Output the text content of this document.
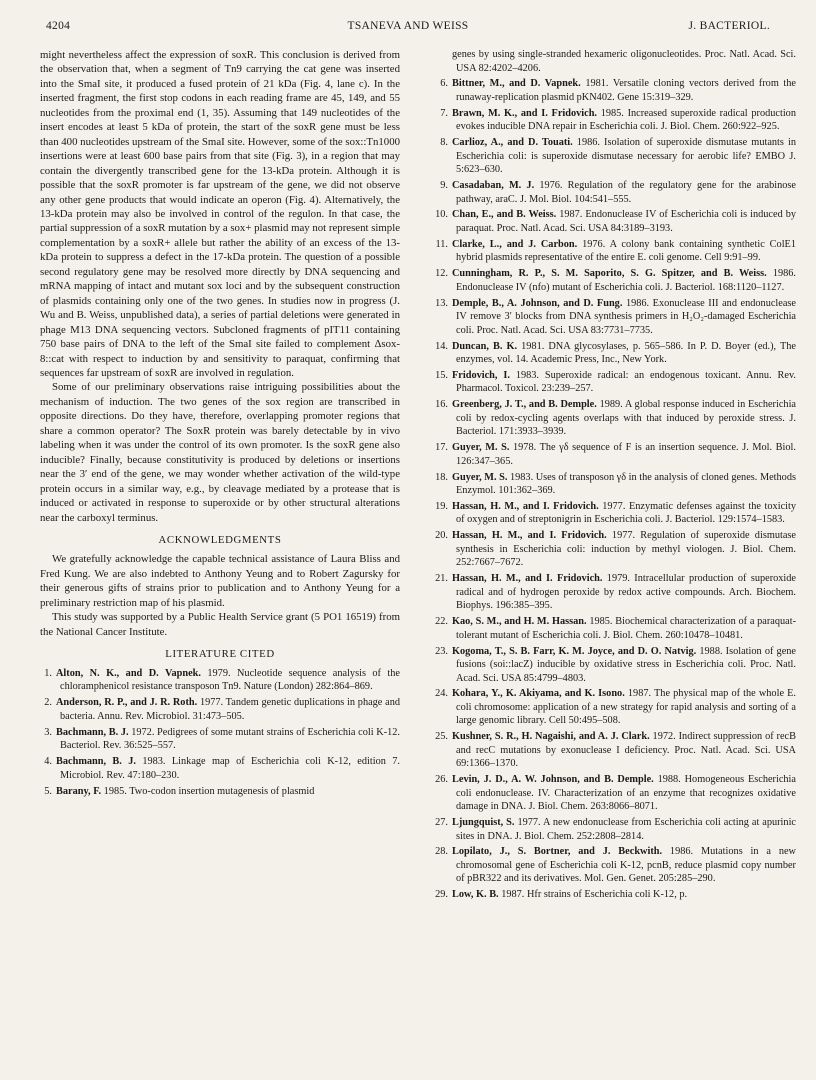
4204	TSANEVA AND WEISS	J. BACTERIOL.

might nevertheless affect the expression of soxR. This conclusion is derived from the observation that, when a segment of Tn9 carrying the cat gene was inserted into the SmaI site, it produced a fused protein of 21 kDa (Fig. 4, lane c). In the inserted fragment, the first stop codons in each reading frame are 45, 149, and 55 nucleotides from the proximal end (1, 35). Assuming that 149 nucleotides of the insert encodes at least 5 kDa of protein, the start of the soxR gene must be less than 400 nucleotides upstream of the SmaI site. However, some of the sox::Tn1000 insertions were at least 600 base pairs from that site (Fig. 3), in a region that may contain the divergently transcribed gene for the 13-kDa protein. Although it is possible that the soxR promoter is far upstream of the gene, we did not observe any other gene products that would indicate an operon (Fig. 4). Alternatively, the 13-kDa protein may also be involved in control of the regulon. In that case, the partial suppression of a soxR mutation by a sox+ plasmid may not represent simple complementation by a soxR+ allele but rather the ability of an excess of the 13-kDa protein to suppress a defect in the 17-kDa protein. The question of a possible second regulatory gene may be resolved more directly by DNA sequencing and mRNA mapping of intact and mutant sox loci and by the subsequent construction of plasmids containing only one of the two genes. In studies now in progress (J. Wu and B. Weiss, unpublished data), a series of partial deletions were generated in phage M13 DNA sequencing vectors. Subcloned fragments of pIT11 containing 750 base pairs of DNA to the left of the SmaI site failed to complement Δsox-8::cat with respect to induction by and sensitivity to paraquat, confirming that sequences far upstream of soxR are involved in regulation.

Some of our preliminary observations raise intriguing possibilities about the mechanism of induction. The two genes of the sox region are transcribed in opposite directions. Do they have, therefore, overlapping promoter regions that share a common operator? The SoxR protein was barely detectable by in vivo labeling when it was under the control of its own promoter. Is the soxR gene also inducible? Finally, because constitutivity is produced by deletions or insertions near the 3′ end of the gene, we may wonder whether activation of the wild-type protein occurs in a similar way, e.g., by cleavage mediated by a protease that is induced or activated in response to superoxide or by other structural alterations near the carboxyl terminus.

ACKNOWLEDGMENTS

We gratefully acknowledge the capable technical assistance of Laura Bliss and Fred Kung. We are also indebted to Anthony Yeung and to Robert Zagursky for their generous gifts of strains prior to publication and to Anthony Yeung for a preliminary restriction map of his plasmid.

This study was supported by a Public Health Service grant (5 PO1 16519) from the National Cancer Institute.

LITERATURE CITED
1. Alton, N. K., and D. Vapnek. 1979. Nucleotide sequence analysis of the chloramphenicol resistance transposon Tn9. Nature (London) 282:864–869.
2. Anderson, R. P., and J. R. Roth. 1977. Tandem genetic duplications in phage and bacteria. Annu. Rev. Microbiol. 31:473–505.
3. Bachmann, B. J. 1972. Pedigrees of some mutant strains of Escherichia coli K-12. Bacteriol. Rev. 36:525–557.
4. Bachmann, B. J. 1983. Linkage map of Escherichia coli K-12, edition 7. Microbiol. Rev. 47:180–230.
5. Barany, F. 1985. Two-codon insertion mutagenesis of plasmid
genes by using single-stranded hexameric oligonucleotides. Proc. Natl. Acad. Sci. USA 82:4202–4206.
6. Bittner, M., and D. Vapnek. 1981. Versatile cloning vectors derived from the runaway-replication plasmid pKN402. Gene 15:319–329.
7. Brawn, M. K., and I. Fridovich. 1985. Increased superoxide radical production evokes inducible DNA repair in Escherichia coli. J. Biol. Chem. 260:922–925.
8. Carlioz, A., and D. Touati. 1986. Isolation of superoxide dismutase mutants in Escherichia coli: is superoxide dismutase necessary for aerobic life? EMBO J. 5:623–630.
9. Casadaban, M. J. 1976. Regulation of the regulatory gene for the arabinose pathway, araC. J. Mol. Biol. 104:541–555.
10. Chan, E., and B. Weiss. 1987. Endonuclease IV of Escherichia coli is induced by paraquat. Proc. Natl. Acad. Sci. USA 84:3189–3193.
11. Clarke, L., and J. Carbon. 1976. A colony bank containing synthetic ColE1 hybrid plasmids representative of the entire E. coli genome. Cell 9:91–99.
12. Cunningham, R. P., S. M. Saporito, S. G. Spitzer, and B. Weiss. 1986. Endonuclease IV (nfo) mutant of Escherichia coli. J. Bacteriol. 168:1120–1127.
13. Demple, B., A. Johnson, and D. Fung. 1986. Exonuclease III and endonuclease IV remove 3′ blocks from DNA synthesis primers in H₂O₂-damaged Escherichia coli. Proc. Natl. Acad. Sci. USA 83:7731–7735.
14. Duncan, B. K. 1981. DNA glycosylases, p. 565–586. In P. D. Boyer (ed.), The enzymes, vol. 14. Academic Press, Inc., New York.
15. Fridovich, I. 1983. Superoxide radical: an endogenous toxicant. Annu. Rev. Pharmacol. Toxicol. 23:239–257.
16. Greenberg, J. T., and B. Demple. 1989. A global response induced in Escherichia coli by redox-cycling agents overlaps with that induced by peroxide stress. J. Bacteriol. 171:3933–3939.
17. Guyer, M. S. 1978. The γδ sequence of F is an insertion sequence. J. Mol. Biol. 126:347–365.
18. Guyer, M. S. 1983. Uses of transposon γδ in the analysis of cloned genes. Methods Enzymol. 101:362–369.
19. Hassan, H. M., and I. Fridovich. 1977. Enzymatic defenses against the toxicity of oxygen and of streptonigrin in Escherichia coli. J. Bacteriol. 129:1574–1583.
20. Hassan, H. M., and I. Fridovich. 1977. Regulation of superoxide dismutase synthesis in Escherichia coli: induction by methyl viologen. J. Biol. Chem. 252:7667–7672.
21. Hassan, H. M., and I. Fridovich. 1979. Intracellular production of superoxide radical and of hydrogen peroxide by redox active compounds. Arch. Biochem. Biophys. 196:385–395.
22. Kao, S. M., and H. M. Hassan. 1985. Biochemical characterization of a paraquat-tolerant mutant of Escherichia coli. J. Biol. Chem. 260:10478–10481.
23. Kogoma, T., S. B. Farr, K. M. Joyce, and D. O. Natvig. 1988. Isolation of gene fusions (soi::lacZ) inducible by oxidative stress in Escherichia coli. Proc. Natl. Acad. Sci. USA 85:4799–4803.
24. Kohara, Y., K. Akiyama, and K. Isono. 1987. The physical map of the whole E. coli chromosome: application of a new strategy for rapid analysis and sorting of a large genomic library. Cell 50:495–508.
25. Kushner, S. R., H. Nagaishi, and A. J. Clark. 1972. Indirect suppression of recB and recC mutations by exonuclease I deficiency. Proc. Natl. Acad. Sci. USA 69:1366–1370.
26. Levin, J. D., A. W. Johnson, and B. Demple. 1988. Homogeneous Escherichia coli endonuclease. IV. Characterization of an enzyme that recognizes oxidative damage in DNA. J. Biol. Chem. 263:8066–8071.
27. Ljungquist, S. 1977. A new endonuclease from Escherichia coli acting at apurinic sites in DNA. J. Biol. Chem. 252:2808–2814.
28. Lopilato, J., S. Bortner, and J. Beckwith. 1986. Mutations in a new chromosomal gene of Escherichia coli K-12, pcnB, reduce plasmid copy number of pBR322 and its derivatives. Mol. Gen. Genet. 205:285–290.
29. Low, K. B. 1987. Hfr strains of Escherichia coli K-12, p.
